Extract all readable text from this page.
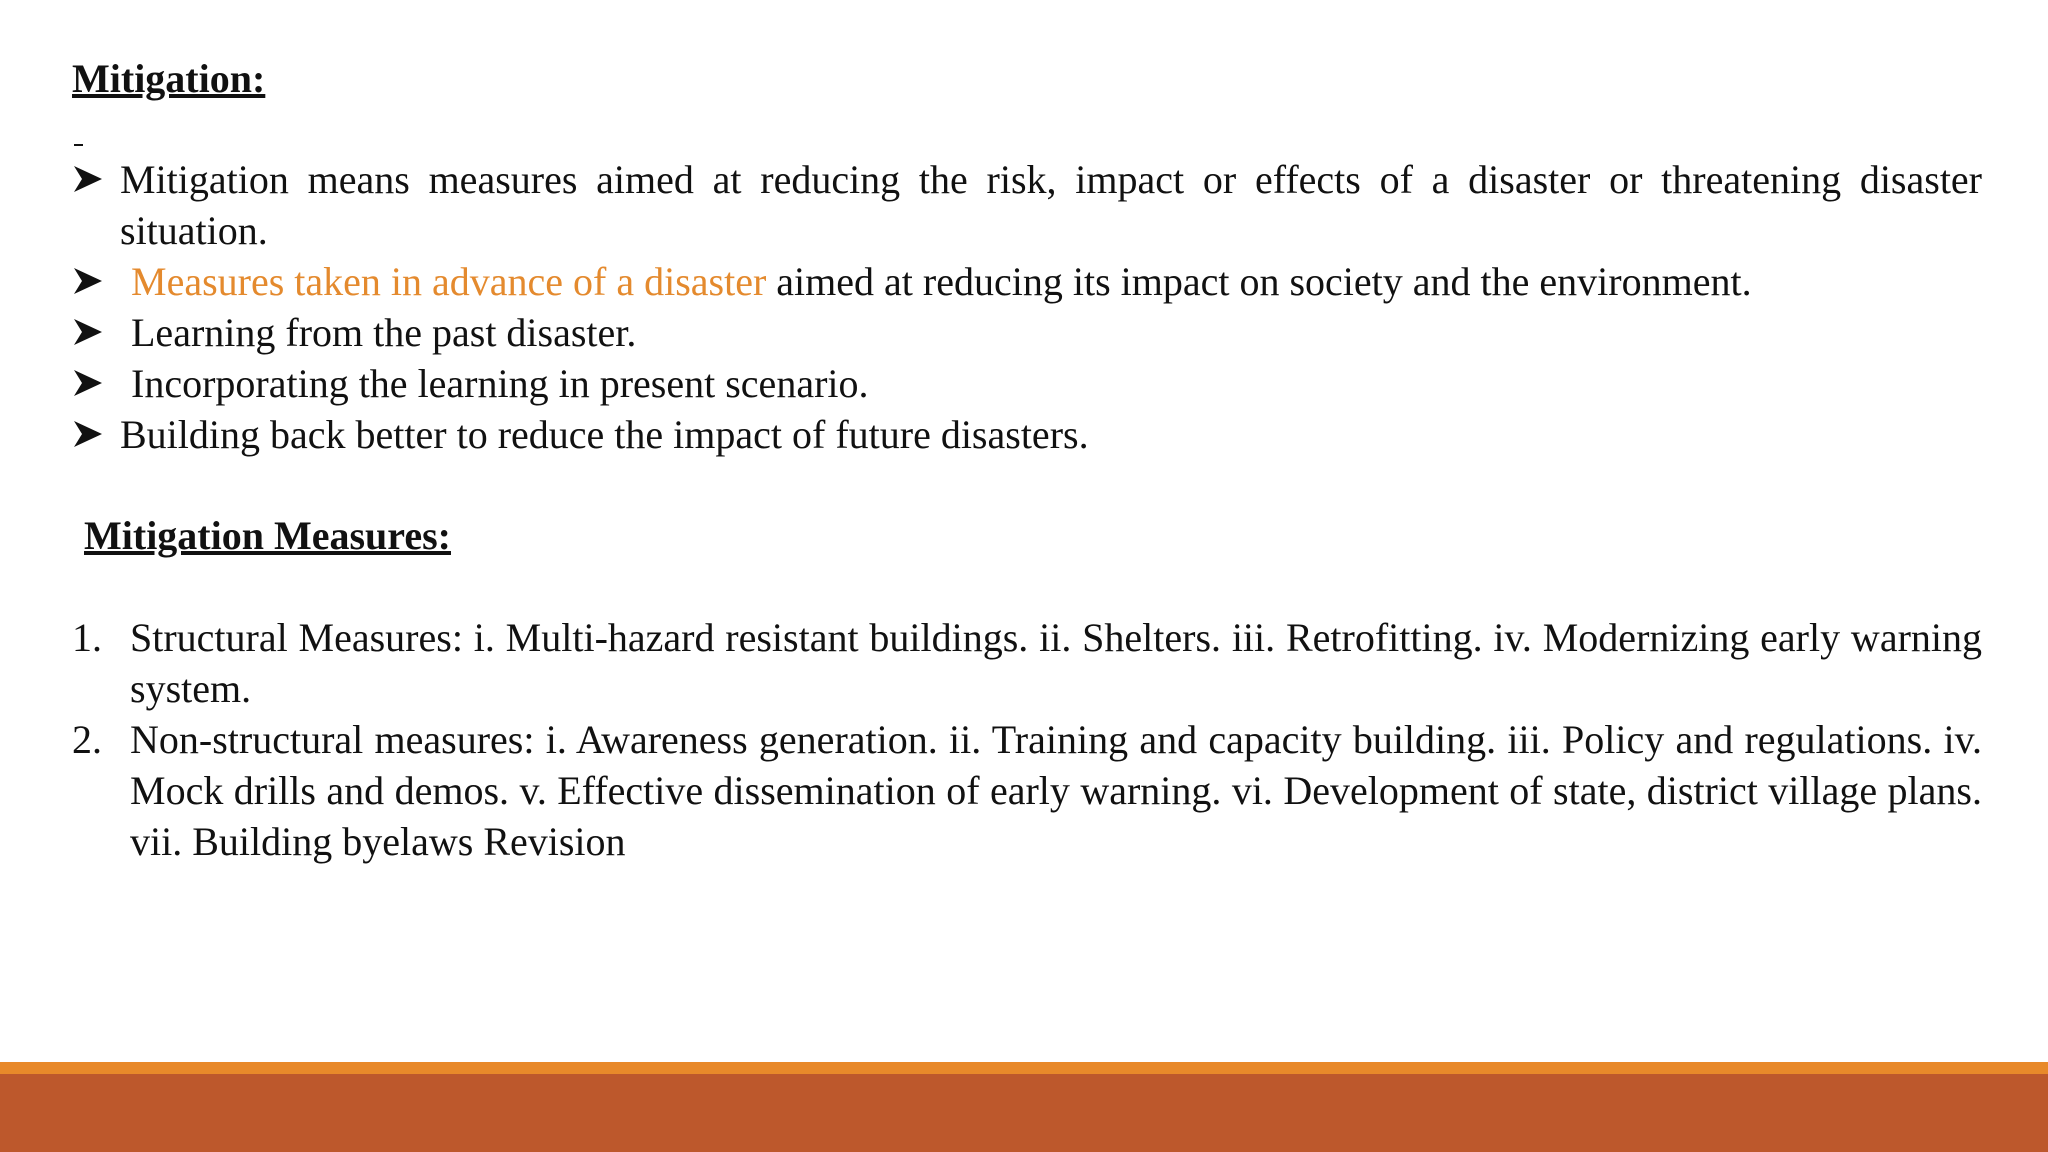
Mitigation:
Mitigation means measures aimed at reducing the risk, impact or effects of a disaster or threatening disaster situation.
Measures taken in advance of a disaster aimed at reducing its impact on society and the environment.
Learning from the past disaster.
Incorporating the learning in present scenario.
Building back better to reduce the impact of future disasters.
Mitigation Measures:
1. Structural Measures: i. Multi-hazard resistant buildings. ii. Shelters. iii. Retrofitting. iv. Modernizing early warning system.
2. Non-structural measures: i. Awareness generation. ii. Training and capacity building. iii. Policy and regulations. iv. Mock drills and demos. v. Effective dissemination of early warning. vi. Development of state, district village plans. vii. Building byelaws Revision
